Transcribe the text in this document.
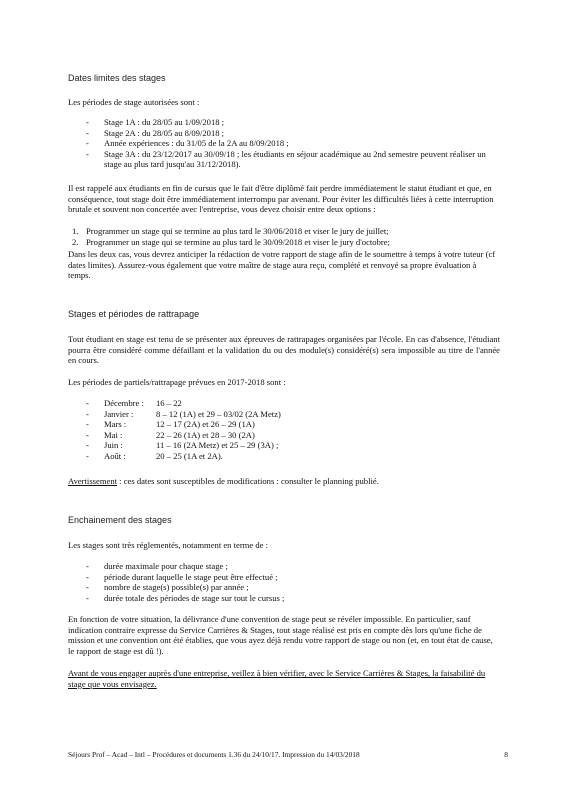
Dates limites des stages
Les périodes de stage autorisées sont :
- Stage 1A : du 28/05 au 1/09/2018 ;
- Stage 2A : du 28/05 au 8/09/2018 ;
- Année expériences : du 31/05 de la 2A au 8/09/2018 ;
- Stage 3A : du 23/12/2017 au 30/09/18 ; les étudiants en séjour académique au 2nd semestre peuvent réaliser un stage au plus tard jusqu'au 31/12/2018).
Il est rappelé aux étudiants en fin de cursus que le fait d'être diplômé fait perdre immédiatement le statut étudiant et que, en conséquence, tout stage doit être immédiatement interrompu par avenant. Pour éviter les difficultés liées à cette interruption brutale et souvent non concertée avec l'entreprise, vous devez choisir entre deux options :
1. Programmer un stage qui se termine au plus tard le 30/06/2018 et viser le jury de juillet;
2. Programmer un stage qui se termine au plus tard le 30/09/2018 et viser le jury d'octobre;
Dans les deux cas, vous devrez anticiper la rédaction de votre rapport de stage afin de le soumettre à temps à votre tuteur (cf dates limites). Assurez-vous également que votre maître de stage aura reçu, complété et renvoyé sa propre évaluation à temps.
Stages et périodes de rattrapage
Tout étudiant en stage est tenu de se présenter aux épreuves de rattrapages organisées par l'école. En cas d'absence, l'étudiant pourra être considéré comme défaillant et la validation du ou des module(s) considéré(s) sera impossible au titre de l'année en cours.
Les périodes de partiels/rattrapage prévues en 2017-2018 sont :
- Décembre : 16 – 22
- Janvier :	8 – 12 (1A) et 29 – 03/02 (2A Metz)
- Mars :	12 – 17 (2A) et 26 – 29 (1A)
- Mai :	22 – 26 (1A) et 28 – 30 (2A)
- Juin :	11 – 16 (2A Metz) et 25 – 29 (3A) ;
- Août :	20 – 25 (1A et 2A).
Avertissement : ces dates sont susceptibles de modifications : consulter le planning publié.
Enchainement des stages
Les stages sont très réglementés, notamment en terme de :
- durée maximale pour chaque stage ;
- période durant laquelle le stage peut être effectué ;
- nombre de stage(s) possible(s) par année ;
- durée totale des périodes de stage sur tout le cursus ;
En fonction de votre situation, la délivrance d'une convention de stage peut se révéler impossible. En particulier, sauf indication contraire expresse du Service Carrières & Stages, tout stage réalisé est pris en compte dès lors qu'une fiche de mission et une convention ont été établies, que vous ayez déjà rendu votre rapport de stage ou non (et, en tout état de cause, le rapport de stage est dû !).
Avant de vous engager auprès d'une entreprise, veillez à bien vérifier, avec le Service Carrières & Stages, la faisabilité du stage que vous envisagez.
Séjours Prof – Acad – Intl – Procédures et documents 1.36 du 24/10/17. Impression du 14/03/2018	8
